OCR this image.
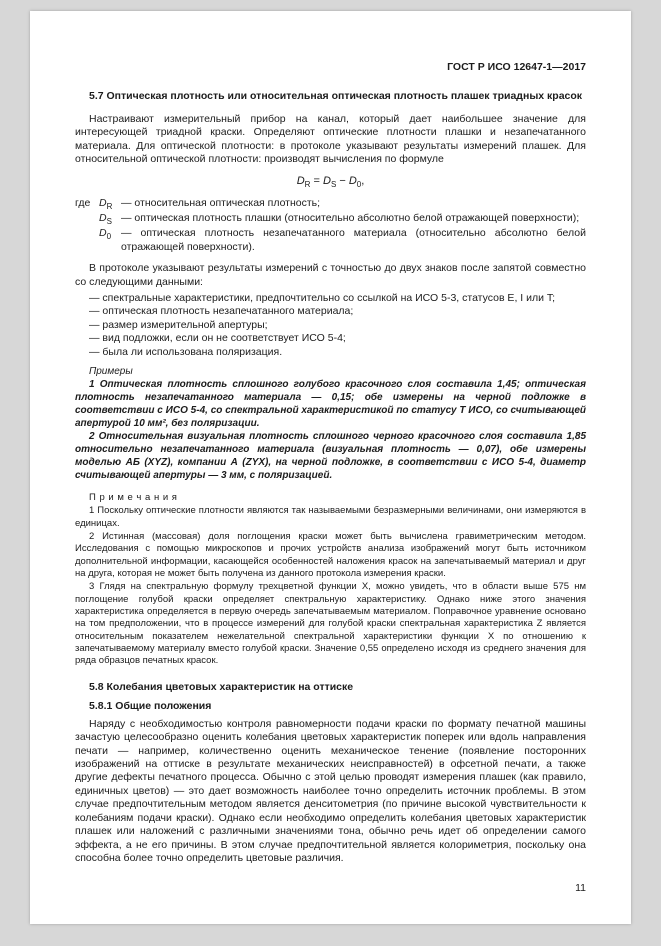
ГОСТ Р ИСО 12647-1—2017
5.7 Оптическая плотность или относительная оптическая плотность плашек триадных красок

Настраивают измерительный прибор на канал, который дает наибольшее значение для интересующей триадной краски. Определяют оптические плотности плашки и незапечатанного материала. Для оптической плотности: в протоколе указывают результаты измерений плашек. Для относительной оптической плотности: производят вычисления по формуле

$D_R = D_S - D_0$,
где $D_R$ — относительная оптическая плотность;
$D_S$ — оптическая плотность плашки (относительно абсолютно белой отражающей поверхности);
$D_0$ — оптическая плотность незапечатанного материала (относительно абсолютно белой отражающей поверхности).

В протоколе указывают результаты измерений с точностью до двух знаков после запятой совместно со следующими данными:

— спектральные характеристики, предпочтительно со ссылкой на ИСО 5-3, статусов E, I или T;
— оптическая плотность незапечатанного материала;
— размер измерительной апертуры;
— вид подложки, если он не соответствует ИСО 5-4;
— была ли использована поляризация.
Примеры

1 Оптическая плотность сплошного голубого красочного слоя составила 1,45; оптическая плотность незапечатанного материала — 0,15; обе измерены на черной подложке в соответствии с ИСО 5-4, со спектральной характеристикой по статусу Т ИСО, со считывающей апертурой 10 мм², без поляризации.

2 Относительная визуальная плотность сплошного черного красочного слоя составила 1,85 относительно незапечатанного материала (визуальная плотность — 0,07), обе измерены моделью АБ (XYZ), компании А (ZYX), на черной подложке, в соответствии с ИСО 5-4, диаметр считывающей апертуры — 3 мм, с поляризацией.

П р и м е ч а н и я

1 Поскольку оптические плотности являются так называемыми безразмерными величинами, они измеряются в единицах.

2 Истинная (массовая) доля поглощения краски может быть вычислена гравиметрическим методом. Исследования с помощью микроскопов и прочих устройств анализа изображений могут быть источником дополнительной информации, касающейся особенностей наложения красок на запечатываемый материал и друг на друга, которая не может быть получена из данного протокола измерения краски.

3 Глядя на спектральную формулу трехцветной функции X, можно увидеть, что в области выше 575 нм поглощение голубой краски определяет спектральную характеристику. Однако ниже этого значения характеристика определяется в первую очередь запечатываемым материалом. Поправочное уравнение основано на том предположении, что в процессе измерений для голубой краски спектральная характеристика Z является относительным показателем нежелательной спектральной характеристики функции X по отношению к запечатываемому материалу вместо голубой краски. Значение 0,55 определено исходя из среднего значения для ряда образцов печатных красок.

5.8 Колебания цветовых характеристик на оттиске
5.8.1 Общие положения

Наряду с необходимостью контроля равномерности подачи краски по формату печатной машины зачастую целесообразно оценить колебания цветовых характеристик поперек или вдоль направления печати — например, количественно оценить механическое тенение (появление посторонних изображений на оттиске в результате механических неисправностей) в офсетной печати, а также другие дефекты печатного процесса. Обычно с этой целью проводят измерения плашек (как правило, единичных цветов) — это дает возможность наиболее точно определить источник проблемы. В этом случае предпочтительным методом является денситометрия (по причине высокой чувствительности к колебаниям подачи краски). Однако если необходимо определить колебания цветовых характеристик плашек или наложений с различными значениями тона, обычно речь идет об определении самого эффекта, а не его причины. В этом случае предпочтительной является колориметрия, поскольку она способна более точно определить цветовые различия.

11
